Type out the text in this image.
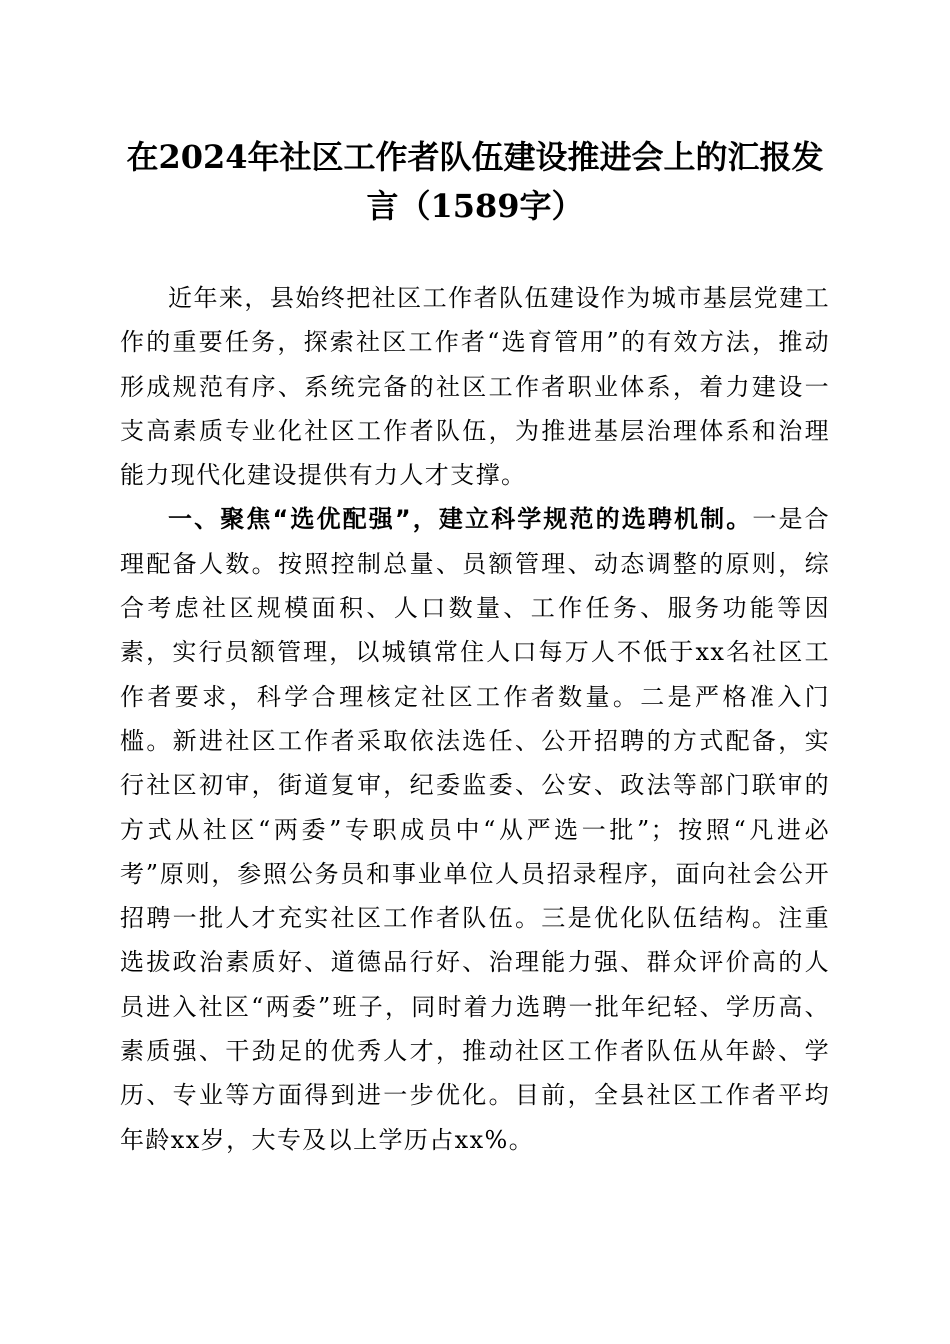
在2024年社区工作者队伍建设推进会上的汇报发言（1589字）

近年来，县始终把社区工作者队伍建设作为城市基层党建工作的重要任务，探索社区工作者“选育管用”的有效方法，推动形成规范有序、系统完备的社区工作者职业体系，着力建设一支高素质专业化社区工作者队伍，为推进基层治理体系和治理能力现代化建设提供有力人才支撑。

一、聚焦“选优配强”，建立科学规范的选聘机制。一是合理配备人数。按照控制总量、员额管理、动态调整的原则，综合考虑社区规模面积、人口数量、工作任务、服务功能等因素，实行员额管理，以城镇常住人口每万人不低于xx名社区工作者要求，科学合理核定社区工作者数量。二是严格准入门槛。新进社区工作者采取依法选任、公开招聘的方式配备，实行社区初审，街道复审，纪委监委、公安、政法等部门联审的方式从社区“两委”专职成员中“从严选一批”；按照“凡进必考”原则，参照公务员和事业单位人员招录程序，面向社会公开招聘一批人才充实社区工作者队伍。三是优化队伍结构。注重选拔政治素质好、道德品行好、治理能力强、群众评价高的人员进入社区“两委”班子，同时着力选聘一批年纪轻、学历高、素质强、干劲足的优秀人才，推动社区工作者队伍从年龄、学历、专业等方面得到进一步优化。目前，全县社区工作者平均年龄xx岁，大专及以上学历占xx%。
